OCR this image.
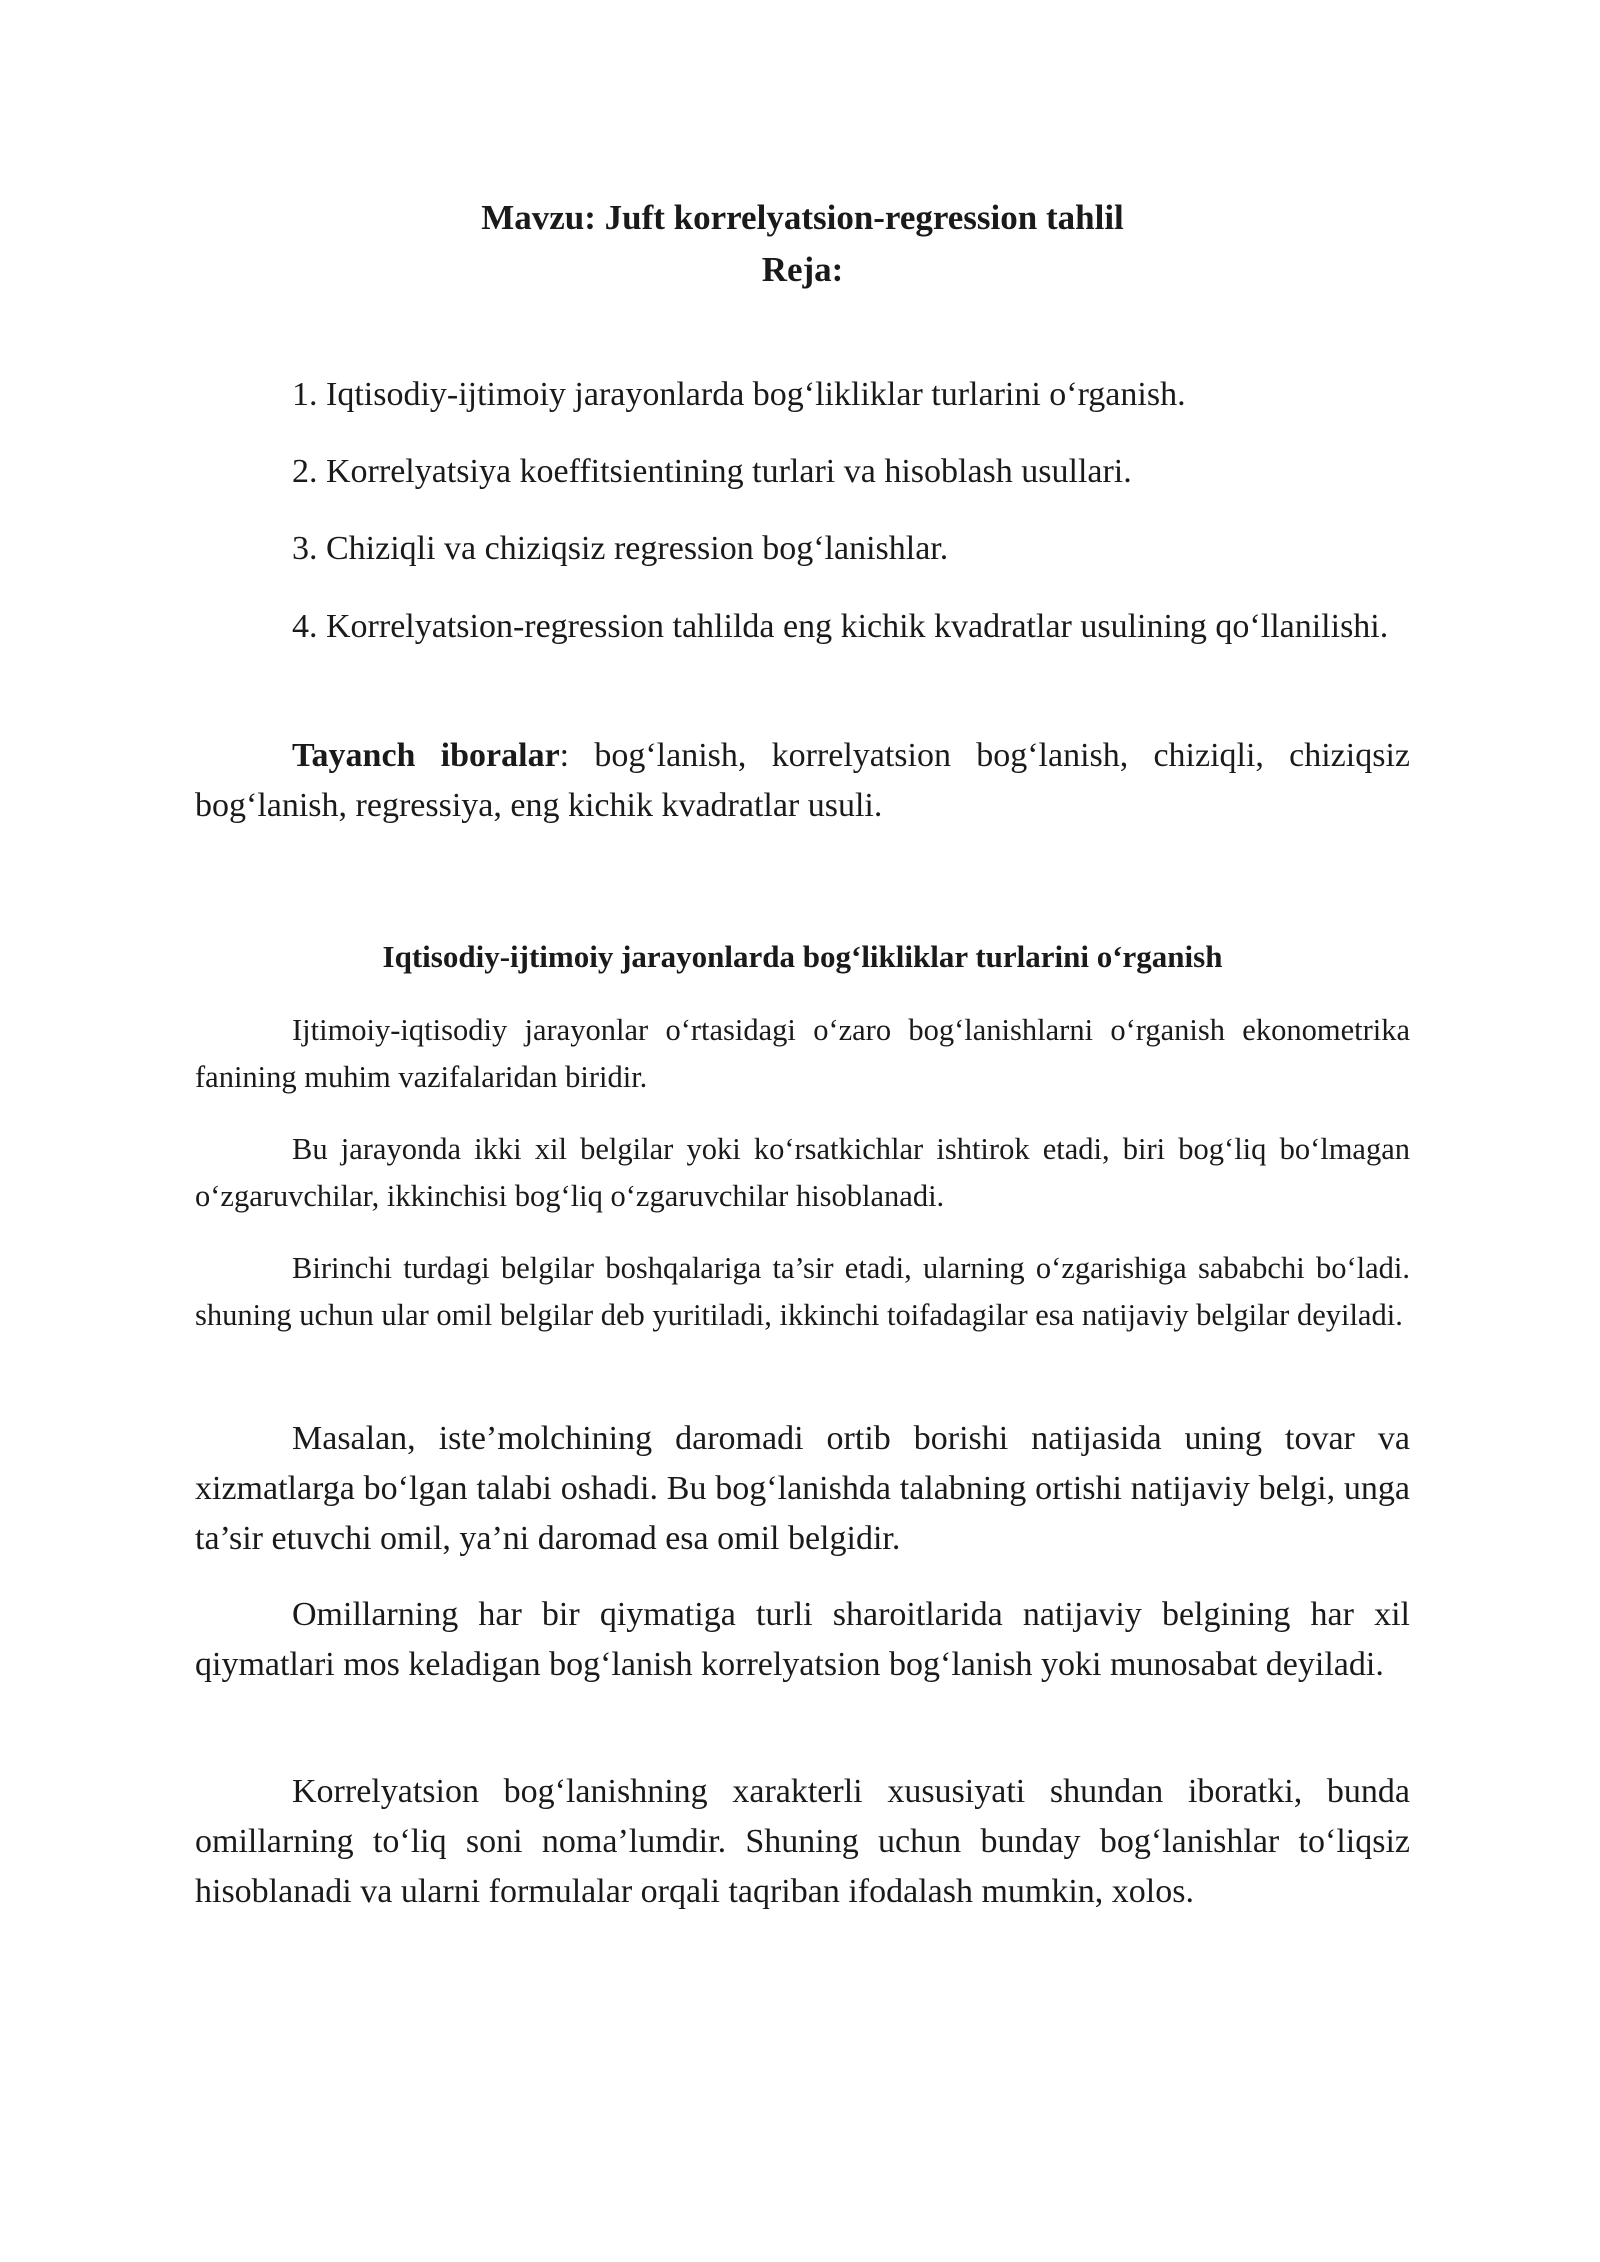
Mavzu: Juft korrelyatsion-regression tahlil
Reja:
1. Iqtisodiy-ijtimoiy jarayonlarda bog‘likliklar turlarini o‘rganish.
2. Korrelyatsiya koeffitsientining turlari va hisoblash usullari.
3. Chiziqli va chiziqsiz regression bog‘lanishlar.
4. Korrelyatsion-regression tahlilda eng kichik kvadratlar usulining qo‘llanilishi.
Tayanch iboralar: bog‘lanish, korrelyatsion bog‘lanish, chiziqli, chiziqsiz bog‘lanish, regressiya, eng kichik kvadratlar usuli.
Iqtisodiy-ijtimoiy jarayonlarda bog‘likliklar turlarini o‘rganish
Ijtimoiy-iqtisodiy jarayonlar o‘rtasidagi o‘zaro bog‘lanishlarni o‘rganish ekonometrika fanining muhim vazifalaridan biridir.
Bu jarayonda ikki xil belgilar yoki ko‘rsatkichlar ishtirok etadi, biri bog‘liq bo‘lmagan o‘zgaruvchilar, ikkinchisi bog‘liq o‘zgaruvchilar hisoblanadi.
Birinchi turdagi belgilar boshqalariga ta’sir etadi, ularning o‘zgarishiga sababchi bo‘ladi. shuning uchun ular omil belgilar deb yuritiladi, ikkinchi toifadagilar esa natijaviy belgilar deyiladi.
Masalan, iste’molchining daromadi ortib borishi natijasida uning tovar va xizmatlarga bo‘lgan talabi oshadi. Bu bog‘lanishda talabning ortishi natijaviy belgi, unga ta’sir etuvchi omil, ya’ni daromad esa omil belgidir.
Omillarning har bir qiymatiga turli sharoitlarida natijaviy belgining har xil qiymatlari mos keladigan bog‘lanish korrelyatsion bog‘lanish yoki munosabat deyiladi.
Korrelyatsion bog‘lanishning xarakterli xususiyati shundan iboratki, bunda omillarning to‘liq soni noma’lumdir. Shuning uchun bunday bog‘lanishlar to‘liqsiz hisoblanadi va ularni formulalar orqali taqriban ifodalash mumkin, xolos.
